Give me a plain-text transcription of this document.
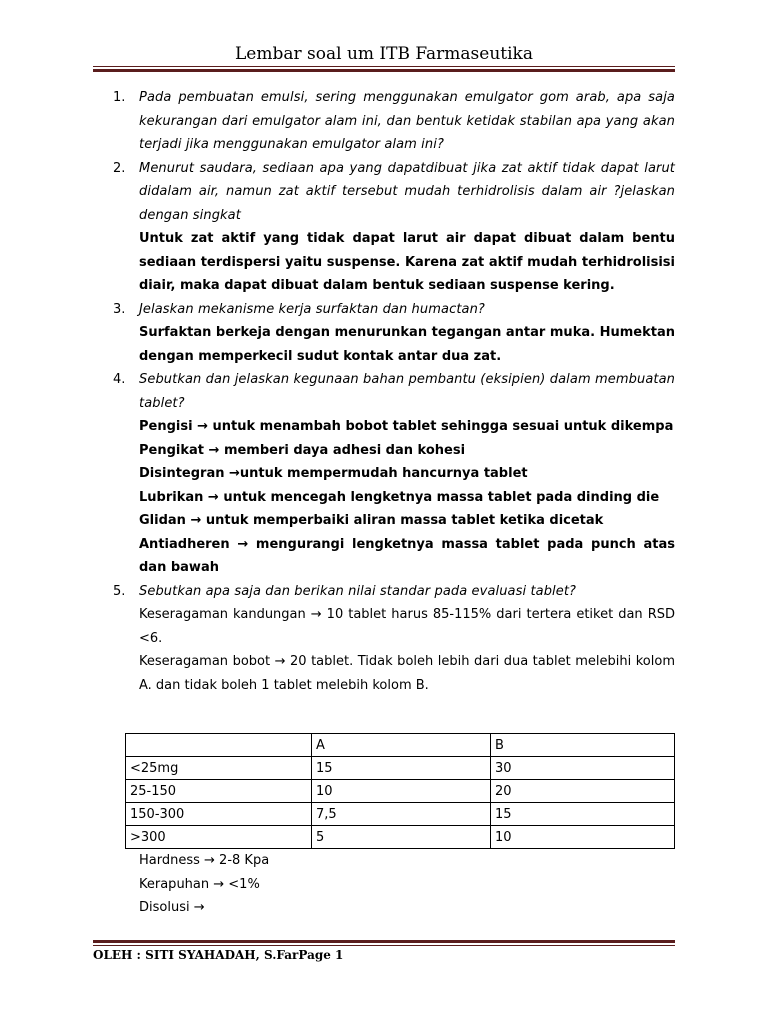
Lembar soal um ITB Farmaseutika
1. Pada pembuatan emulsi, sering menggunakan emulgator gom arab, apa saja kekurangan dari emulgator alam ini, dan bentuk ketidak stabilan apa yang akan terjadi jika menggunakan emulgator alam ini?
2. Menurut saudara, sediaan apa yang dapatdibuat jika zat aktif tidak dapat larut didalam air, namun zat aktif tersebut mudah terhidrolisis dalam air ?jelaskan dengan singkat
Untuk zat aktif yang tidak dapat larut air dapat dibuat dalam bentu sediaan terdispersi yaitu suspense. Karena zat aktif mudah terhidrolisisi diair, maka dapat dibuat dalam bentuk sediaan suspense kering.
3. Jelaskan mekanisme kerja surfaktan dan humactan?
Surfaktan berkeja dengan menurunkan tegangan antar muka. Humektan dengan memperkecil sudut kontak antar dua zat.
4. Sebutkan dan jelaskan kegunaan bahan pembantu (eksipien) dalam membuatan tablet?
Pengisi → untuk menambah bobot tablet sehingga sesuai untuk dikempa
Pengikat → memberi daya adhesi dan kohesi
Disintegran →untuk mempermudah hancurnya tablet
Lubrikan → untuk mencegah lengketnya massa tablet pada dinding die
Glidan → untuk memperbaiki aliran massa tablet ketika dicetak
Antiadheren → mengurangi lengketnya massa tablet pada punch atas dan bawah
5. Sebutkan apa saja dan berikan nilai standar pada evaluasi tablet?
Keseragaman kandungan → 10 tablet harus 85-115% dari tertera etiket dan RSD <6.
Keseragaman bobot → 20 tablet. Tidak boleh lebih dari dua tablet melebihi kolom A. dan tidak boleh 1 tablet melebih kolom B.
	A	B
<25mg	15	30
25-150	10	20
150-300	7,5	15
>300	5	10
Hardness → 2-8 Kpa
Kerapuhan → <1%
Disolusi →
OLEH : SITI SYAHADAH, S.FarPage 1
